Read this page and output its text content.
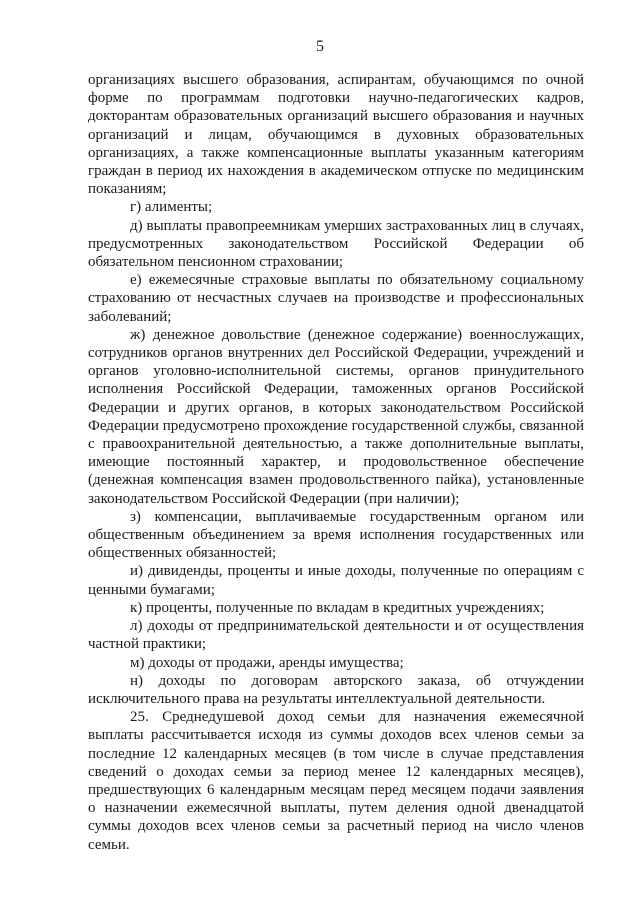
5

организациях высшего образования, аспирантам, обучающимся по очной форме по программам подготовки научно-педагогических кадров, докторантам образовательных организаций высшего образования и научных организаций и лицам, обучающимся в духовных образовательных организациях, а также компенсационные выплаты указанным категориям граждан в период их нахождения в академическом отпуске по медицинским показаниям;

г) алименты;

д) выплаты правопреемникам умерших застрахованных лиц в случаях, предусмотренных законодательством Российской Федерации об обязательном пенсионном страховании;

е) ежемесячные страховые выплаты по обязательному социальному страхованию от несчастных случаев на производстве и профессиональных заболеваний;

ж) денежное довольствие (денежное содержание) военнослужащих, сотрудников органов внутренних дел Российской Федерации, учреждений и органов уголовно-исполнительной системы, органов принудительного исполнения Российской Федерации, таможенных органов Российской Федерации и других органов, в которых законодательством Российской Федерации предусмотрено прохождение государственной службы, связанной с правоохранительной деятельностью, а также дополнительные выплаты, имеющие постоянный характер, и продовольственное обеспечение (денежная компенсация взамен продовольственного пайка), установленные законодательством Российской Федерации (при наличии);

з) компенсации, выплачиваемые государственным органом или общественным объединением за время исполнения государственных или общественных обязанностей;

и) дивиденды, проценты и иные доходы, полученные по операциям с ценными бумагами;

к) проценты, полученные по вкладам в кредитных учреждениях;

л) доходы от предпринимательской деятельности и от осуществления частной практики;

м) доходы от продажи, аренды имущества;

н) доходы по договорам авторского заказа, об отчуждении исключительного права на результаты интеллектуальной деятельности.

25. Среднедушевой доход семьи для назначения ежемесячной выплаты рассчитывается исходя из суммы доходов всех членов семьи за последние 12 календарных месяцев (в том числе в случае представления сведений о доходах семьи за период менее 12 календарных месяцев), предшествующих 6 календарным месяцам перед месяцем подачи заявления о назначении ежемесячной выплаты, путем деления одной двенадцатой суммы доходов всех членов семьи за расчетный период на число членов семьи.
